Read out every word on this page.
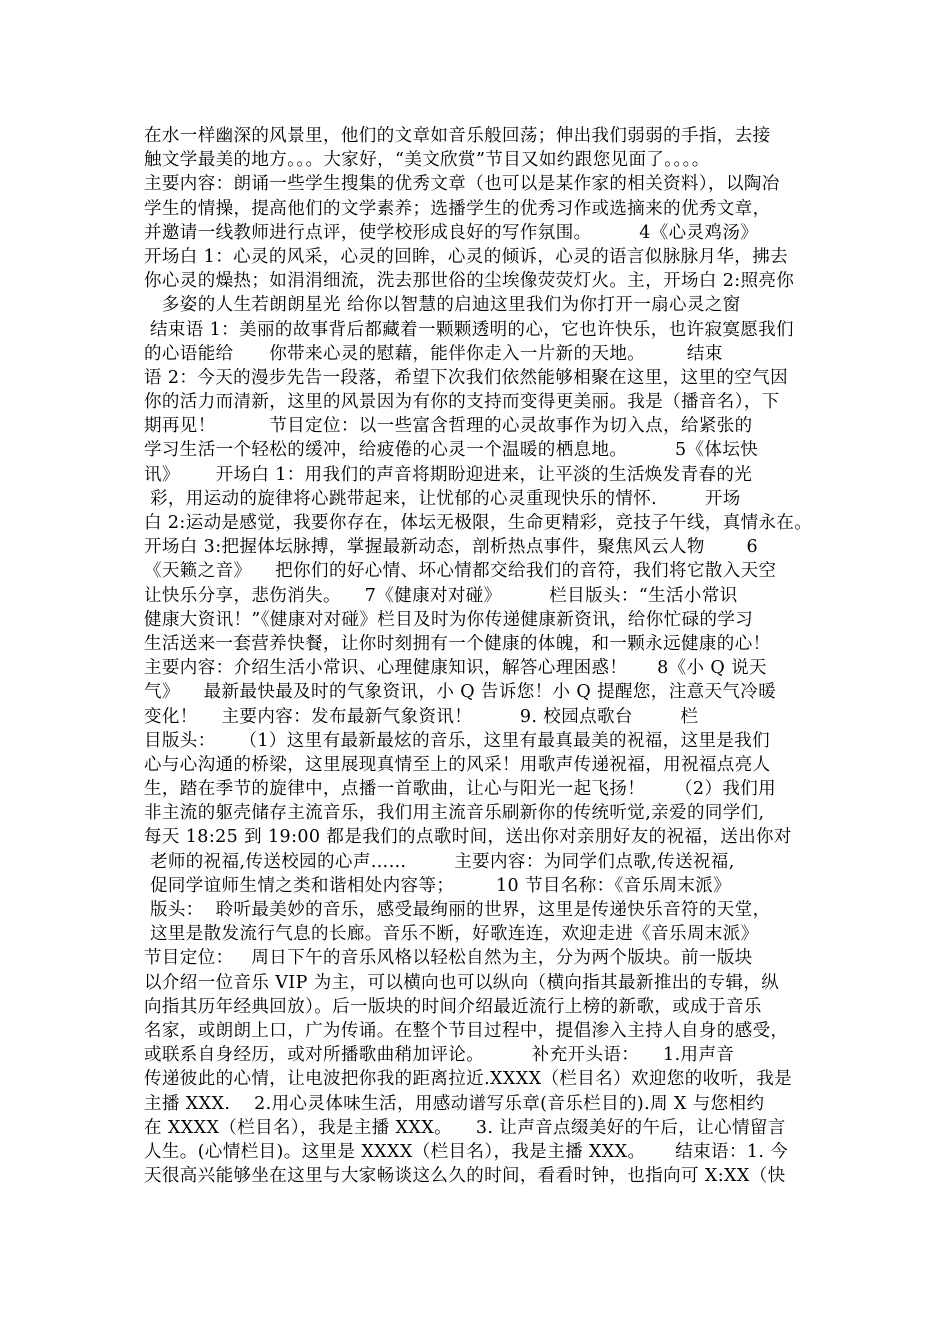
在水一样幽深的风景里，他们的文章如音乐般回荡；伸出我们弱弱的手指，去接
触文学最美的地方。。。大家好，“美文欣赏”节目又如约跟您见面了。。。。
主要内容：朗诵一些学生搜集的优秀文章（也可以是某作家的相关资料），以陶冶
学生的情操，提高他们的文学素养；选播学生的优秀习作或选摘来的优秀文章，
并邀请一线教师进行点评，使学校形成良好的写作氛围。        4《心灵鸡汤》
开场白 1：心灵的风采，心灵的回眸，心灵的倾诉，心灵的语言似脉脉月华，拂去
你心灵的燥热；如涓涓细流，洗去那世俗的尘埃像荧荧灯火。主，开场白 2:照亮你
多姿的人生若朗朗星光 给你以智慧的启迪这里我们为你打开一扇心灵之窗
结束语 1：美丽的故事背后都藏着一颗颗透明的心，它也许快乐，也许寂寞愿我们
的心语能给      你带来心灵的慰藉，能伴你走入一片新的天地。       结束
语 2：今天的漫步先告一段落，希望下次我们依然能够相聚在这里，这里的空气因
你的活力而清新，这里的风景因为有你的支持而变得更美丽。我是（播音名），下
期再见！         节目定位：以一些富含哲理的心灵故事作为切入点，给紧张的
学习生活一个轻松的缓冲，给疲倦的心灵一个温暖的栖息地。        5《体坛快
讯》      开场白 1：用我们的声音将期盼迎进来，让平淡的生活焕发青春的光
彩，用运动的旋律将心跳带起来，让忧郁的心灵重现快乐的情怀.        开场
白 2:运动是感觉，我要你存在，体坛无极限，生命更精彩，竞技子午线，真情永在。
开场白 3:把握体坛脉搏，掌握最新动态，剖析热点事件，聚焦风云人物       6
《天籁之音》    把你们的好心情、坏心情都交给我们的音符，我们将它散入天空
让快乐分享，悲伤消失。    7《健康对对碰》        栏目版头：“生活小常识
健康大资讯！”《健康对对碰》栏目及时为你传递健康新资讯，给你忙碌的学习
生活送来一套营养快餐，让你时刻拥有一个健康的体魄，和一颗永远健康的心！
主要内容：介绍生活小常识、心理健康知识，解答心理困惑！     8《小 Q 说天
气》    最新最快最及时的气象资讯，小 Q 告诉您！小 Q 提醒您，注意天气冷暖
变化！    主要内容：发布最新气象资讯！        9. 校园点歌台        栏
目版头：    （1）这里有最新最炫的音乐，这里有最真最美的祝福，这里是我们
心与心沟通的桥梁，这里展现真情至上的风采！用歌声传递祝福，用祝福点亮人
生，踏在季节的旋律中，点播一首歌曲，让心与阳光一起飞扬！     （2）我们用
非主流的躯壳储存主流音乐，我们用主流音乐刷新你的传统听觉,亲爱的同学们,
每天 18:25 到 19:00 都是我们的点歌时间，送出你对亲朋好友的祝福，送出你对
老师的祝福,传送校园的心声……        主要内容：为同学们点歌,传送祝福,
促同学谊师生情之类和谐相处内容等；       10 节目名称：《音乐周末派》
版头：  聆听最美妙的音乐，感受最绚丽的世界，这里是传递快乐音符的天堂，
这里是散发流行气息的长廊。音乐不断，好歌连连，欢迎走进《音乐周末派》
节目定位：   周日下午的音乐风格以轻松自然为主，分为两个版块。前一版块
以介绍一位音乐 VIP 为主，可以横向也可以纵向（横向指其最新推出的专辑，纵
向指其历年经典回放）。后一版块的时间介绍最近流行上榜的新歌，或成于音乐
名家，或朗朗上口，广为传诵。在整个节目过程中，提倡渗入主持人自身的感受，
或联系自身经历，或对所播歌曲稍加评论。        补充开头语：    1.用声音
传递彼此的心情，让电波把你我的距离拉近.XXXX（栏目名）欢迎您的收听，我是
主播 XXX.    2.用心灵体味生活，用感动谱写乐章(音乐栏目的).周 X 与您相约
在 XXXX（栏目名），我是主播 XXX。    3. 让声音点缀美好的午后，让心情留言
人生。(心情栏目)。这里是 XXXX（栏目名），我是主播 XXX。     结束语：1. 今
天很高兴能够坐在这里与大家畅谈这么久的时间，看看时钟，也指向可 X:XX（快
